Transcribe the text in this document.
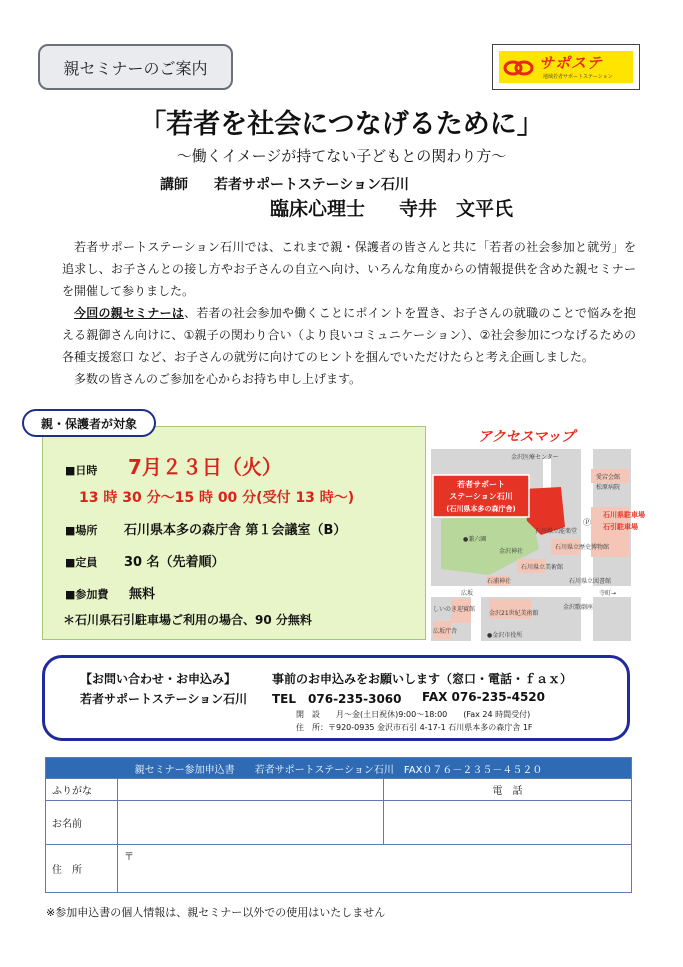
親セミナーのご案内	サポステ
地域若者サポートステーション
「若者を社会につなげるために」
～働くイメージが持てない子どもとの関わり方～
講師 若者サポートステーション石川
臨床心理士 寺井　文平氏

若者サポートステーション石川では、これまで親・保護者の皆さんと共に「若者の社会参加と就労」を追求し、お子さんとの接し方やお子さんの自立へ向け、いろんな角度からの情報提供を含めた親セミナーを開催して参りました。

今回の親セミナーは、若者の社会参加や働くことにポイントを置き、お子さんの就職のことで悩みを抱える親御さん向けに、①親子の関わり合い（より良いコミュニケーション）、②社会参加につなげるための各種支援窓口 など、お子さんの就労に向けてのヒントを掴んでいただけたらと考え企画しました。

多数の皆さんのご参加を心からお持ち申し上げます。

■日時 7月２３日（火）
13 時 30 分～15 時 00 分(受付 13 時～)
■場所 石川県本多の森庁舎 第１会議室（B）
■定員 30 名（先着順）
■参加費 無料
＊石川県石引駐車場ご利用の場合、90 分無料
親・保護者が対象
アクセスマップ
若者サポート
ステーション石川
(石川県本多の森庁舎)
金沢医療センター
愛宕会館
松原病院
石川県駐車場
石引駐車場
Ⓟ
●兼六園
石川県立能楽堂
金沢神社
石川県立歴史博物館
石川県立美術館
石浦神社
広坂
金沢21世紀美術館
しいのき迎賓館
広坂庁舎
石川県立図書館
寺町→
金沢歌劇座
●金沢市役所
【お問い合わせ・お申込み】	事前のお申込みをお願いします（窓口・電話・ｆａｘ）
若者サポートステーション石川 TEL　076-235-3060 FAX 076-235-4520
開　設　　月～金(土日祝休)9:00～18:00　　(Fax 24 時間受付)
住　所：〒920-0935 金沢市石引 4-17-1 石川県本多の森庁舎 1F
親セミナー参加申込書　　若者サポートステーション石川　FAX０７６－２３５－４５２０		
ふりがな		電　話
お名前		
住　所	〒	
※参加申込書の個人情報は、親セミナー以外での使用はいたしません
